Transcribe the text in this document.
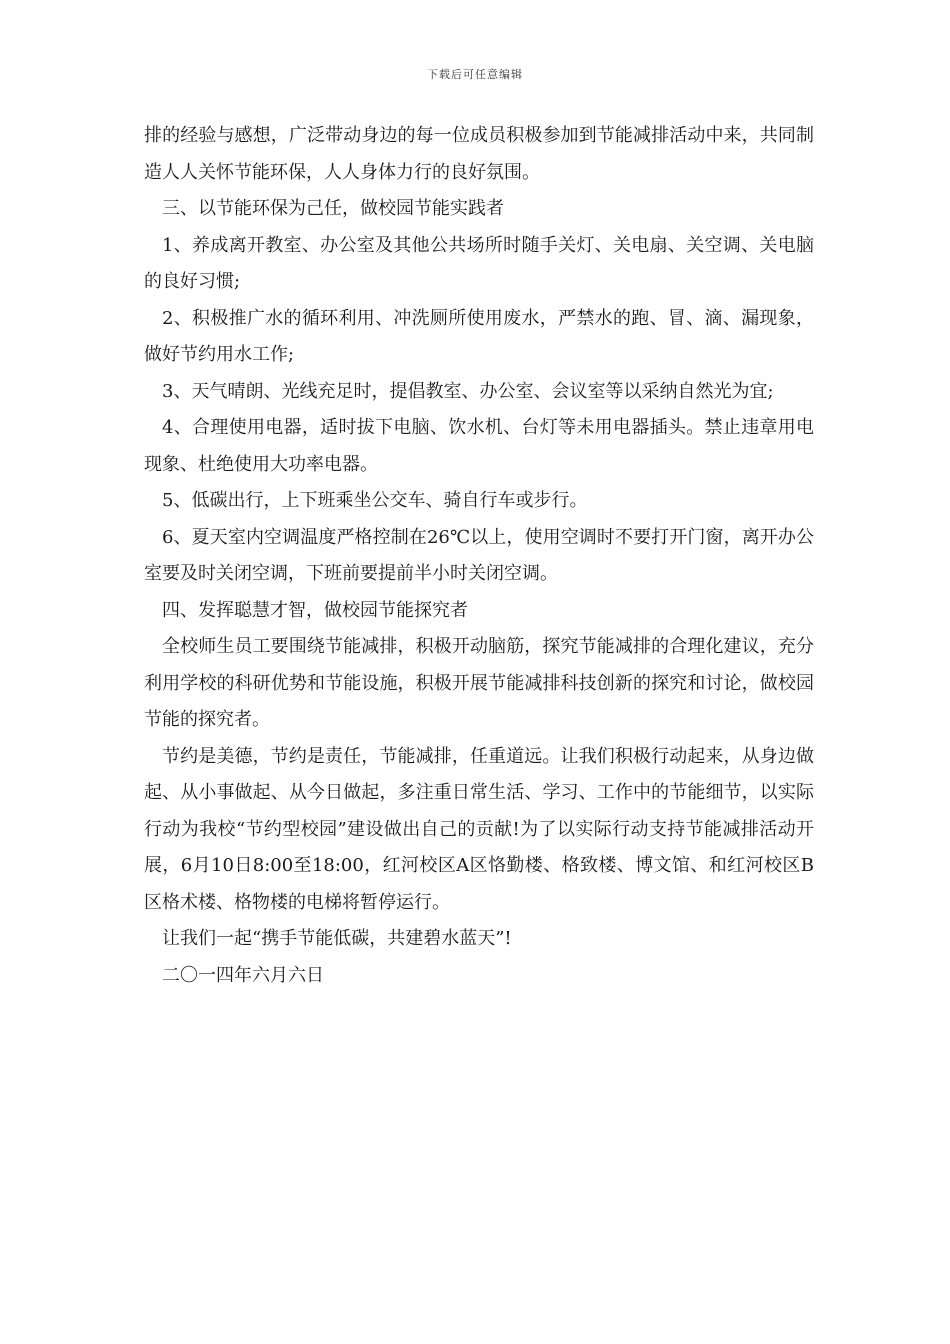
下载后可任意编辑

排的经验与感想，广泛带动身边的每一位成员积极参加到节能减排活动中来，共同制造人人关怀节能环保，人人身体力行的良好氛围。

三、以节能环保为己任，做校园节能实践者

1、养成离开教室、办公室及其他公共场所时随手关灯、关电扇、关空调、关电脑的良好习惯;

2、积极推广水的循环利用、冲洗厕所使用废水，严禁水的跑、冒、滴、漏现象，做好节约用水工作;

3、天气晴朗、光线充足时，提倡教室、办公室、会议室等以采纳自然光为宜;

4、合理使用电器，适时拔下电脑、饮水机、台灯等未用电器插头。禁止违章用电现象、杜绝使用大功率电器。

5、低碳出行，上下班乘坐公交车、骑自行车或步行。

6、夏天室内空调温度严格控制在26℃以上，使用空调时不要打开门窗，离开办公室要及时关闭空调，下班前要提前半小时关闭空调。

四、发挥聪慧才智，做校园节能探究者

全校师生员工要围绕节能减排，积极开动脑筋，探究节能减排的合理化建议，充分利用学校的科研优势和节能设施，积极开展节能减排科技创新的探究和讨论，做校园节能的探究者。

节约是美德，节约是责任，节能减排，任重道远。让我们积极行动起来，从身边做起、从小事做起、从今日做起，多注重日常生活、学习、工作中的节能细节，以实际行动为我校“节约型校园”建设做出自己的贡献!为了以实际行动支持节能减排活动开展，6月10日8:00至18:00，红河校区A区恪勤楼、格致楼、博文馆、和红河校区B区格术楼、格物楼的电梯将暂停运行。

让我们一起“携手节能低碳，共建碧水蓝天”!

二〇一四年六月六日
